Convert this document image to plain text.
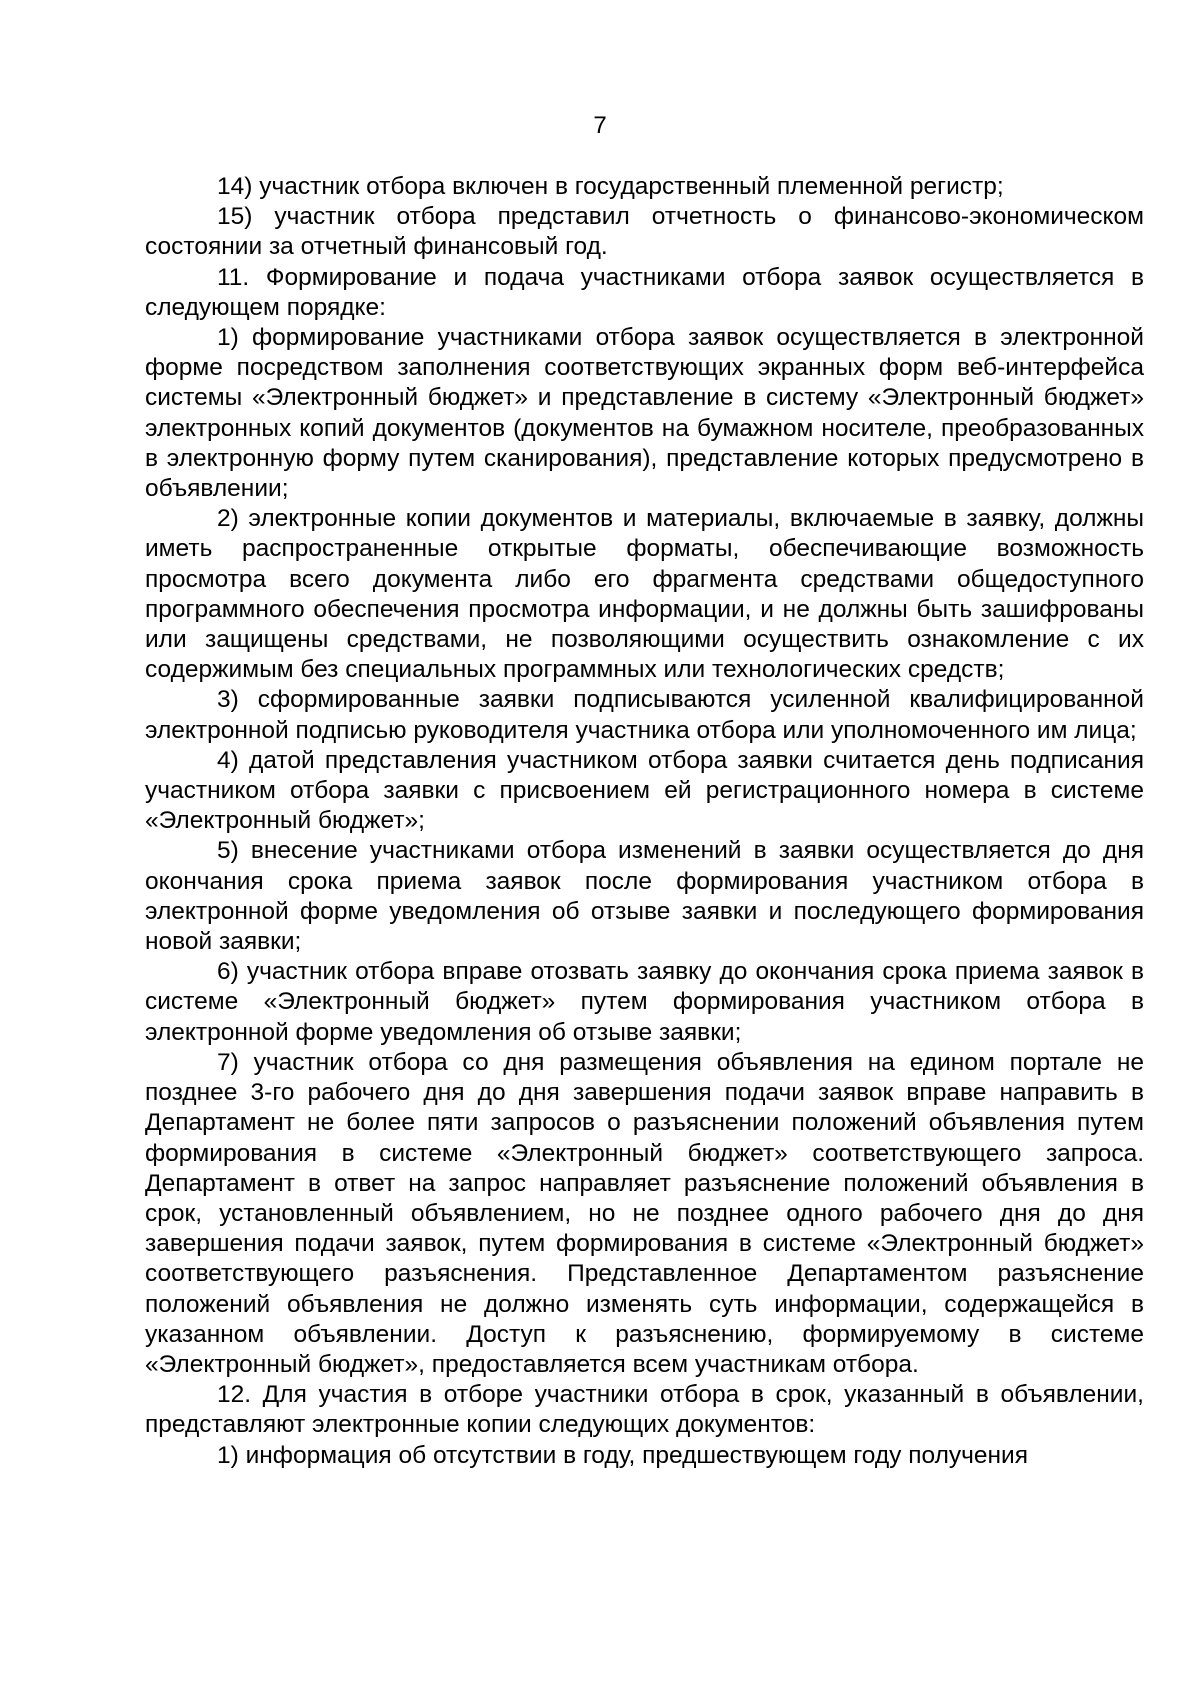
7

14) участник отбора включен в государственный племенной регистр;

15) участник отбора представил отчетность о финансово-экономическом состоянии за отчетный финансовый год.

11. Формирование и подача участниками отбора заявок осуществляется в следующем порядке:

1) формирование участниками отбора заявок осуществляется в электронной форме посредством заполнения соответствующих экранных форм веб-интерфейса системы «Электронный бюджет» и представление в систему «Электронный бюджет» электронных копий документов (документов на бумажном носителе, преобразованных в электронную форму путем сканирования), представление которых предусмотрено в объявлении;

2) электронные копии документов и материалы, включаемые в заявку, должны иметь распространенные открытые форматы, обеспечивающие возможность просмотра всего документа либо его фрагмента средствами общедоступного программного обеспечения просмотра информации, и не должны быть зашифрованы или защищены средствами, не позволяющими осуществить ознакомление с их содержимым без специальных программных или технологических средств;

3) сформированные заявки подписываются усиленной квалифицированной электронной подписью руководителя участника отбора или уполномоченного им лица;

4) датой представления участником отбора заявки считается день подписания участником отбора заявки с присвоением ей регистрационного номера в системе «Электронный бюджет»;

5) внесение участниками отбора изменений в заявки осуществляется до дня окончания срока приема заявок после формирования участником отбора в электронной форме уведомления об отзыве заявки и последующего формирования новой заявки;

6) участник отбора вправе отозвать заявку до окончания срока приема заявок в системе «Электронный бюджет» путем формирования участником отбора в электронной форме уведомления об отзыве заявки;

7) участник отбора со дня размещения объявления на едином портале не позднее 3-го рабочего дня до дня завершения подачи заявок вправе направить в Департамент не более пяти запросов о разъяснении положений объявления путем формирования в системе «Электронный бюджет» соответствующего запроса. Департамент в ответ на запрос направляет разъяснение положений объявления в срок, установленный объявлением, но не позднее одного рабочего дня до дня завершения подачи заявок, путем формирования в системе «Электронный бюджет» соответствующего разъяснения. Представленное Департаментом разъяснение положений объявления не должно изменять суть информации, содержащейся в указанном объявлении. Доступ к разъяснению, формируемому в системе «Электронный бюджет», предоставляется всем участникам отбора.

12. Для участия в отборе участники отбора в срок, указанный в объявлении, представляют электронные копии следующих документов:

1) информация об отсутствии в году, предшествующем году получения
